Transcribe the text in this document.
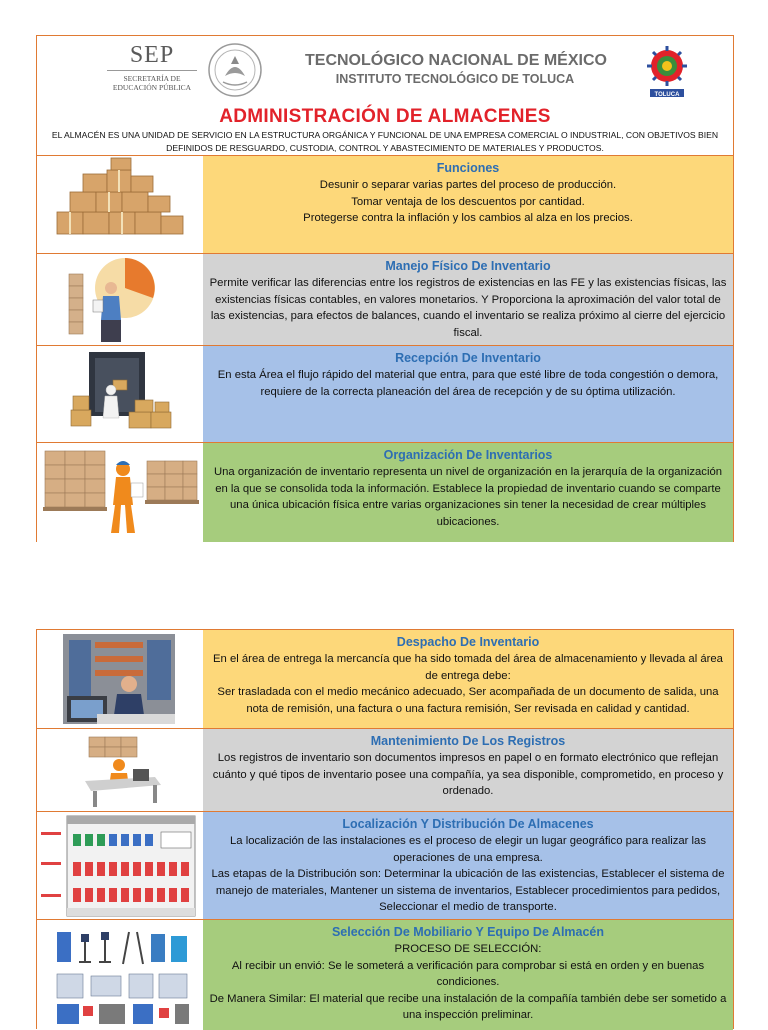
SEP
SECRETARÍA DE
EDUCACIÓN PÚBLICA
TECNOLÓGICO NACIONAL DE MÉXICO
INSTITUTO TECNOLÓGICO DE TOLUCA
TOLUCA
ADMINISTRACIÓN DE ALMACENES
EL ALMACÉN ES UNA UNIDAD DE SERVICIO EN LA ESTRUCTURA ORGÁNICA Y FUNCIONAL DE UNA EMPRESA COMERCIAL O INDUSTRIAL, CON OBJETIVOS BIEN DEFINIDOS DE RESGUARDO, CUSTODIA, CONTROL Y ABASTECIMIENTO DE MATERIALES Y PRODUCTOS.
Funciones
Desunir o separar varias partes del proceso de producción.
Tomar ventaja de los descuentos por cantidad.
Protegerse contra la inflación y los cambios al alza en los precios.
Manejo Físico De Inventario
Permite verificar las diferencias entre los registros de existencias en las FE y las existencias físicas, las existencias físicas contables, en valores monetarios. Y Proporciona la aproximación del valor total de las existencias, para efectos de balances, cuando el inventario se realiza próximo al cierre del ejercicio fiscal.
Recepción De Inventario
En esta Área el flujo rápido del material que entra, para que esté libre de toda congestión o demora, requiere de la correcta planeación del área de recepción y de su óptima utilización.
Organización De Inventarios
Una organización de inventario representa un nivel de organización en la jerarquía de la organización en la que se consolida toda la información. Establece la propiedad de inventario cuando se comparte una única ubicación física entre varias organizaciones sin tener la necesidad de crear múltiples ubicaciones.
Despacho De Inventario
En el área de entrega la mercancía que ha sido tomada del área de almacenamiento y llevada al área de entrega debe:
Ser trasladada con el medio mecánico adecuado, Ser acompañada de un documento de salida, una nota de remisión, una factura o una factura remisión, Ser revisada en calidad y cantidad.
Mantenimiento De Los Registros
Los registros de inventario son documentos impresos en papel o en formato electrónico que reflejan cuánto y qué tipos de inventario posee una compañía, ya sea disponible, comprometido, en proceso y ordenado.
Localización Y Distribución De Almacenes
La localización de las instalaciones es el proceso de elegir un lugar geográfico para realizar las operaciones de una empresa.
Las etapas de la Distribución son: Determinar la ubicación de las existencias, Establecer el sistema de manejo de materiales, Mantener un sistema de inventarios, Establecer procedimientos para pedidos, Seleccionar el medio de transporte.
Selección De Mobiliario Y Equipo De Almacén
PROCESO DE SELECCIÓN:
Al recibir un envió: Se le someterá a verificación para comprobar si está en orden y en buenas condiciones.
De Manera Similar: El material que recibe una instalación de la compañía también debe ser sometido a una inspección preliminar.
